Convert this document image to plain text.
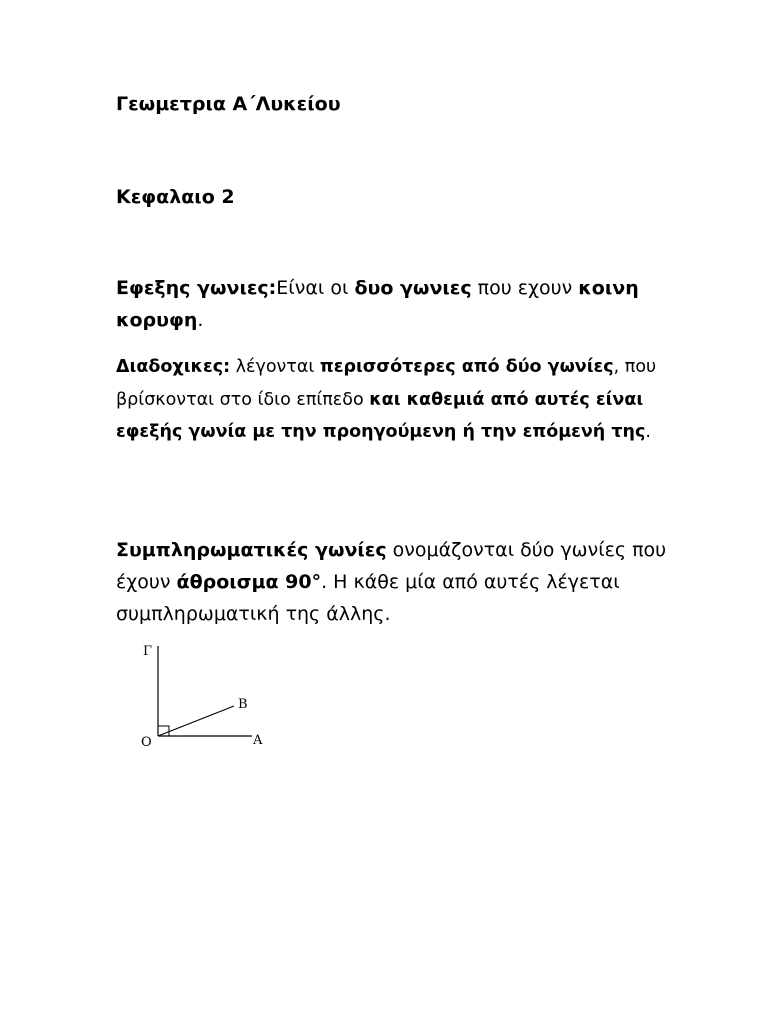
Γεωμετρια Α΄Λυκείου
Κεφαλαιο 2

Εφεξης γωνιες:Είναι οι δυο γωνιες που εχουν κοινη κορυφη.

Διαδοχικες: λέγονται περισσότερες από δύο γωνίες, που βρίσκονται στο ίδιο επίπεδο και καθεμιά από αυτές είναι εφεξής γωνία με την προηγούμενη ή την επόμενή της.

Συμπληρωματικές γωνίες ονομάζονται δύο γωνίες που έχουν άθροισμα 90°. Η κάθε μία από αυτές λέγεται συμπληρωματική της άλλης.

Γ
Β
Α
Ο
